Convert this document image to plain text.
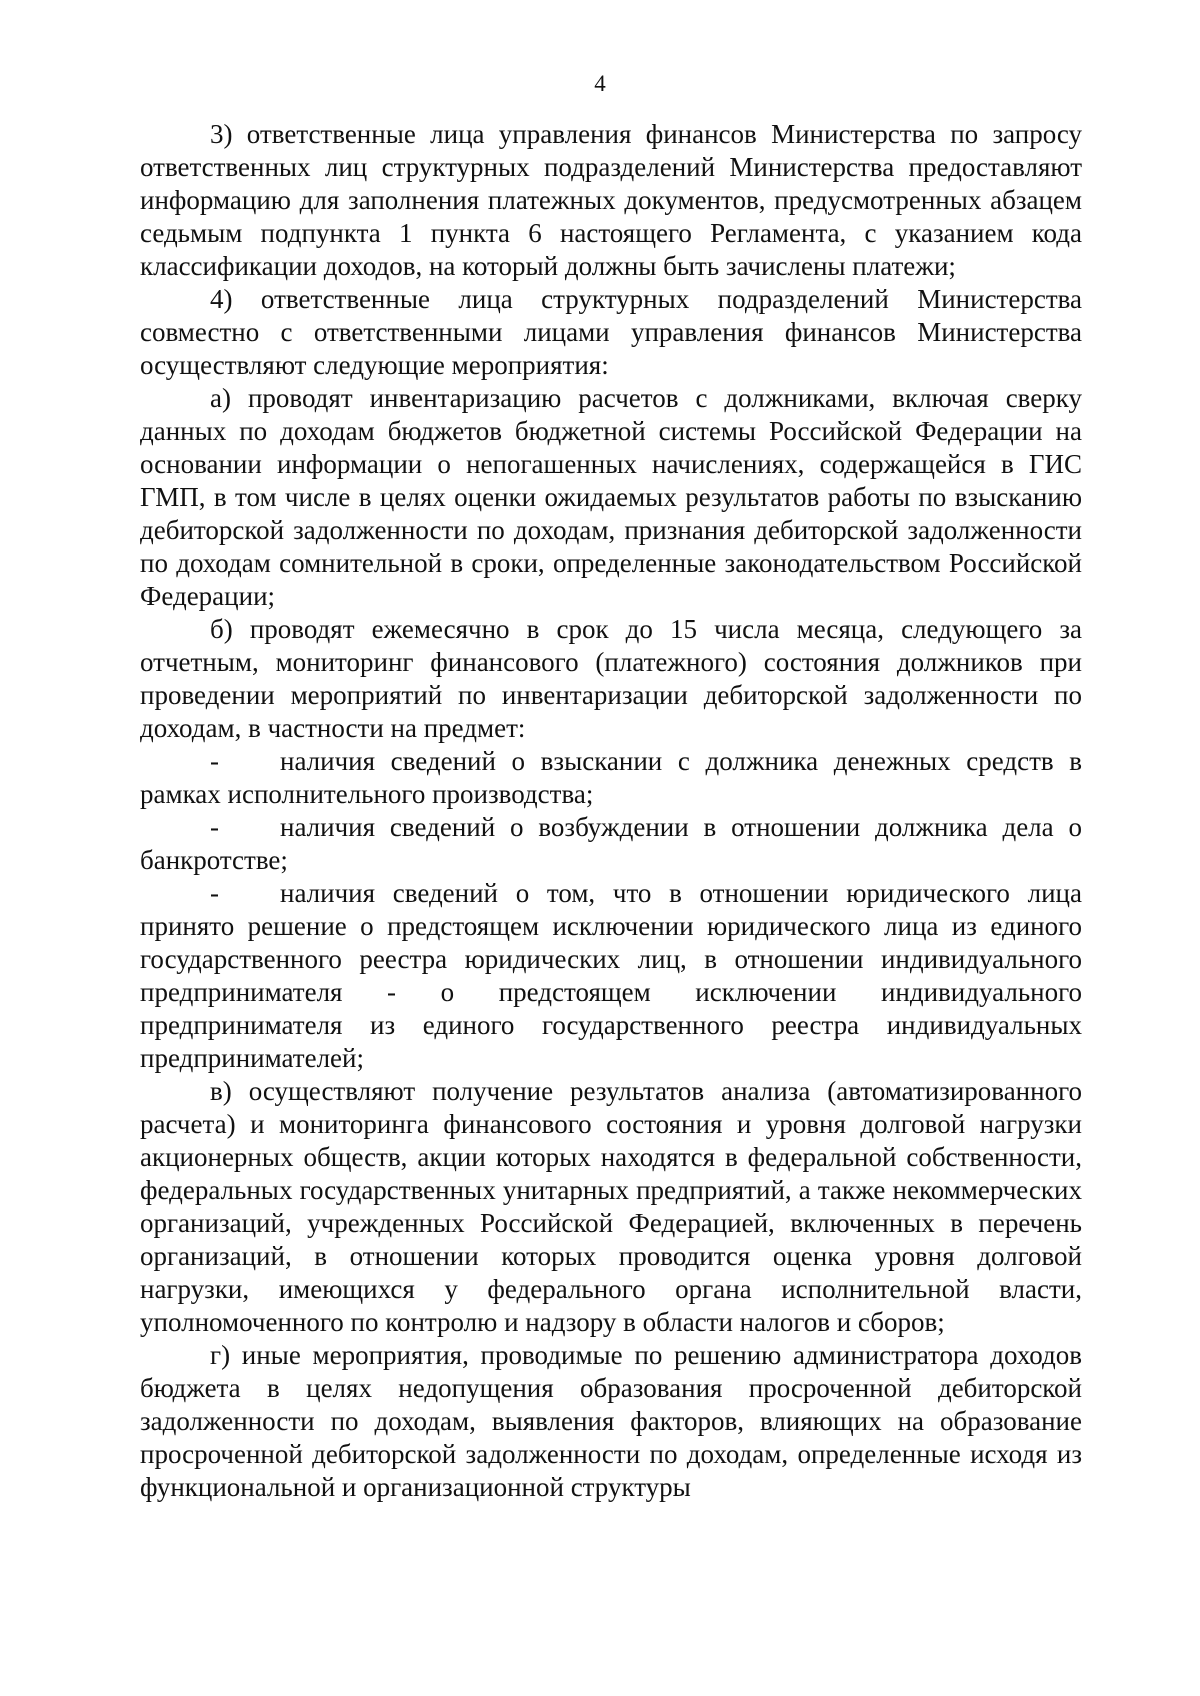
4

3) ответственные лица управления финансов Министерства по запросу ответственных лиц структурных подразделений Министерства предоставляют информацию для заполнения платежных документов, предусмотренных абзацем седьмым подпункта 1 пункта 6 настоящего Регламента, с указанием кода классификации доходов, на который должны быть зачислены платежи;

4) ответственные лица структурных подразделений Министерства совместно с ответственными лицами управления финансов Министерства осуществляют следующие мероприятия:

а) проводят инвентаризацию расчетов с должниками, включая сверку данных по доходам бюджетов бюджетной системы Российской Федерации на основании информации о непогашенных начислениях, содержащейся в ГИС ГМП, в том числе в целях оценки ожидаемых результатов работы по взысканию дебиторской задолженности по доходам, признания дебиторской задолженности по доходам сомнительной в сроки, определенные законодательством Российской Федерации;

б) проводят ежемесячно в срок до 15 числа месяца, следующего за отчетным, мониторинг финансового (платежного) состояния должников при проведении мероприятий по инвентаризации дебиторской задолженности по доходам, в частности на предмет:

- наличия сведений о взыскании с должника денежных средств в рамках исполнительного производства;

- наличия сведений о возбуждении в отношении должника дела о банкротстве;

- наличия сведений о том, что в отношении юридического лица принято решение о предстоящем исключении юридического лица из единого государственного реестра юридических лиц, в отношении индивидуального предпринимателя - о предстоящем исключении индивидуального предпринимателя из единого государственного реестра индивидуальных предпринимателей;

в) осуществляют получение результатов анализа (автоматизированного расчета) и мониторинга финансового состояния и уровня долговой нагрузки акционерных обществ, акции которых находятся в федеральной собственности, федеральных государственных унитарных предприятий, а также некоммерческих организаций, учрежденных Российской Федерацией, включенных в перечень организаций, в отношении которых проводится оценка уровня долговой нагрузки, имеющихся у федерального органа исполнительной власти, уполномоченного по контролю и надзору в области налогов и сборов;

г) иные мероприятия, проводимые по решению администратора доходов бюджета в целях недопущения образования просроченной дебиторской задолженности по доходам, выявления факторов, влияющих на образование просроченной дебиторской задолженности по доходам, определенные исходя из функциональной и организационной структуры
